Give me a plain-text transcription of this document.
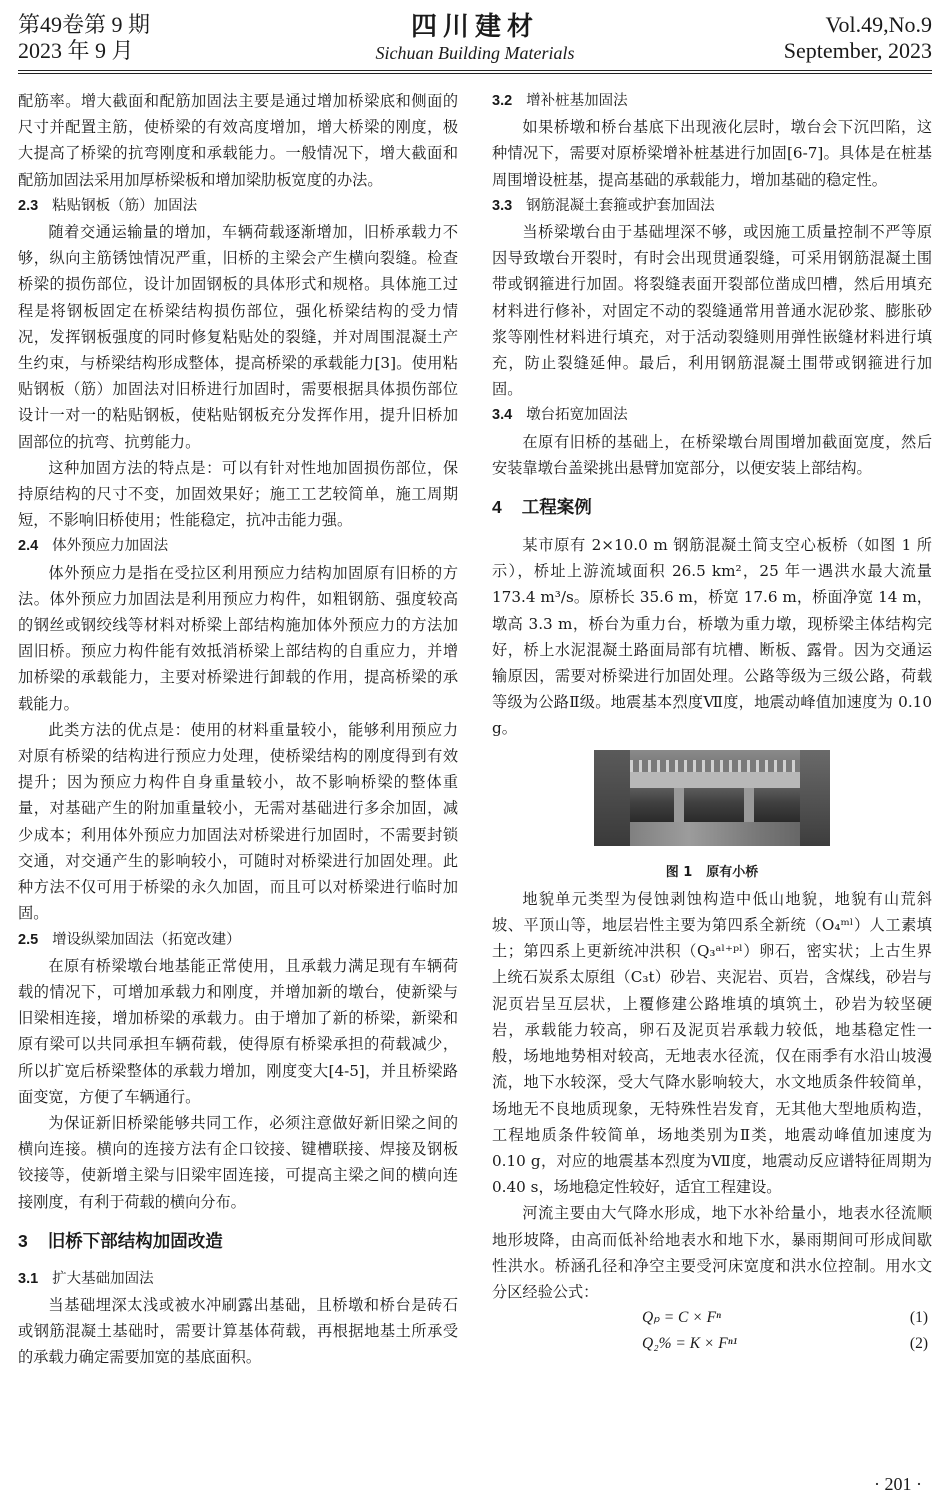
第49卷第 9 期
2023 年 9 月
四川建材
Sichuan Building Materials
Vol.49,No.9
September, 2023

配筋率。增大截面和配筋加固法主要是通过增加桥梁底和侧面的尺寸并配置主筋，使桥梁的有效高度增加，增大桥梁的刚度，极大提高了桥梁的抗弯刚度和承载能力。一般情况下，增大截面和配筋加固法采用加厚桥梁板和增加梁肋板宽度的办法。

2.3 粘贴钢板（筋）加固法

随着交通运输量的增加，车辆荷载逐渐增加，旧桥承载力不够，纵向主筋锈蚀情况严重，旧桥的主梁会产生横向裂缝。检查桥梁的损伤部位，设计加固钢板的具体形式和规格。具体施工过程是将钢板固定在桥梁结构损伤部位，强化桥梁结构的受力情况，发挥钢板强度的同时修复粘贴处的裂缝，并对周围混凝土产生约束，与桥梁结构形成整体，提高桥梁的承载能力[3]。使用粘贴钢板（筋）加固法对旧桥进行加固时，需要根据具体损伤部位设计一对一的粘贴钢板，使粘贴钢板充分发挥作用，提升旧桥加固部位的抗弯、抗剪能力。

这种加固方法的特点是：可以有针对性地加固损伤部位，保持原结构的尺寸不变，加固效果好；施工工艺较简单，施工周期短，不影响旧桥使用；性能稳定，抗冲击能力强。

2.4 体外预应力加固法

体外预应力是指在受拉区利用预应力结构加固原有旧桥的方法。体外预应力加固法是利用预应力构件，如粗钢筋、强度较高的钢丝或钢绞线等材料对桥梁上部结构施加体外预应力的方法加固旧桥。预应力构件能有效抵消桥梁上部结构的自重应力，并增加桥梁的承载能力，主要对桥梁进行卸载的作用，提高桥梁的承载能力。

此类方法的优点是：使用的材料重量较小，能够利用预应力对原有桥梁的结构进行预应力处理，使桥梁结构的刚度得到有效提升；因为预应力构件自身重量较小，故不影响桥梁的整体重量，对基础产生的附加重量较小，无需对基础进行多余加固，减少成本；利用体外预应力加固法对桥梁进行加固时，不需要封锁交通，对交通产生的影响较小，可随时对桥梁进行加固处理。此种方法不仅可用于桥梁的永久加固，而且可以对桥梁进行临时加固。

2.5 增设纵梁加固法（拓宽改建）

在原有桥梁墩台地基能正常使用，且承载力满足现有车辆荷载的情况下，可增加承载力和刚度，并增加新的墩台，使新梁与旧梁相连接，增加桥梁的承载力。由于增加了新的桥梁，新梁和原有梁可以共同承担车辆荷载，使得原有桥梁承担的荷载减少，所以扩宽后桥梁整体的承载力增加，刚度变大[4-5]，并且桥梁路面变宽，方便了车辆通行。

为保证新旧桥梁能够共同工作，必须注意做好新旧梁之间的横向连接。横向的连接方法有企口铰接、键槽联接、焊接及钢板铰接等，使新增主梁与旧梁牢固连接，可提高主梁之间的横向连接刚度，有利于荷载的横向分布。

3 旧桥下部结构加固改造
3.1 扩大基础加固法

当基础埋深太浅或被水冲刷露出基础，且桥墩和桥台是砖石或钢筋混凝土基础时，需要计算基体荷载，再根据地基土所承受的承载力确定需要加宽的基底面积。

3.2 增补桩基加固法

如果桥墩和桥台基底下出现液化层时，墩台会下沉凹陷，这种情况下，需要对原桥梁增补桩基进行加固[6-7]。具体是在桩基周围增设桩基，提高基础的承载能力，增加基础的稳定性。

3.3 钢筋混凝土套箍或护套加固法

当桥梁墩台由于基础埋深不够，或因施工质量控制不严等原因导致墩台开裂时，有时会出现贯通裂缝，可采用钢筋混凝土围带或钢箍进行加固。将裂缝表面开裂部位凿成凹槽，然后用填充材料进行修补，对固定不动的裂缝通常用普通水泥砂浆、膨胀砂浆等刚性材料进行填充，对于活动裂缝则用弹性嵌缝材料进行填充，防止裂缝延伸。最后，利用钢筋混凝土围带或钢箍进行加固。

3.4 墩台拓宽加固法

在原有旧桥的基础上，在桥梁墩台周围增加截面宽度，然后安装靠墩台盖梁挑出悬臂加宽部分，以便安装上部结构。

4 工程案例

某市原有 2×10.0 m 钢筋混凝土简支空心板桥（如图 1 所示），桥址上游流域面积 26.5 km²，25 年一遇洪水最大流量 173.4 m³/s。原桥长 35.6 m，桥宽 17.6 m，桥面净宽 14 m，墩高 3.3 m，桥台为重力台，桥墩为重力墩，现桥梁主体结构完好，桥上水泥混凝土路面局部有坑槽、断板、露骨。因为交通运输原因，需要对桥梁进行加固处理。公路等级为三级公路，荷载等级为公路Ⅱ级。地震基本烈度Ⅶ度，地震动峰值加速度为 0.10 g。

图 1 原有小桥

地貌单元类型为侵蚀剥蚀构造中低山地貌，地貌有山荒斜坡、平顶山等，地层岩性主要为第四系全新统（O₄ᵐˡ）人工素填土；第四系上更新统冲洪积（Q₃ᵃˡ⁺ᵖˡ）卵石，密实状；上古生界上统石炭系太原组（C₃t）砂岩、夹泥岩、页岩，含煤线，砂岩与泥页岩呈互层状，上覆修建公路堆填的填筑土，砂岩为较坚硬岩，承载能力较高，卵石及泥页岩承载力较低，地基稳定性一般，场地地势相对较高，无地表水径流，仅在雨季有水沿山坡漫流，地下水较深，受大气降水影响较大，水文地质条件较简单，场地无不良地质现象，无特殊性岩发育，无其他大型地质构造，工程地质条件较简单，场地类别为Ⅱ类，地震动峰值加速度为 0.10 g，对应的地震基本烈度为Ⅶ度，地震动反应谱特征周期为 0.40 s，场地稳定性较好，适宜工程建设。

河流主要由大气降水形成，地下水补给量小，地表水径流顺地形坡降，由高而低补给地表水和地下水，暴雨期间可形成间歇性洪水。桥涵孔径和净空主要受河床宽度和洪水位控制。用水文分区经验公式：

Qₚ = C × Fⁿ	(1)
Q₂% = K × Fⁿ¹	(2)
· 201 ·
